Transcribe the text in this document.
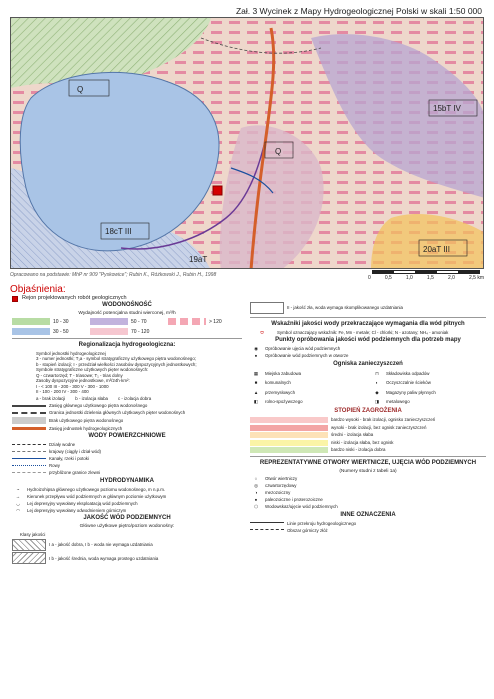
Zał. 3 Wycinek z Mapy Hydrogeologicznej Polski w skali 1:50 000
Q
Q
15bT IV
18cT III
19aT
20aT III
Opracowano na podstawie: MhP nr 909 "Pyskowice"; Rubin K., Różkowski J., Rubin H., 1998	0	0,5	1,0	1,5	2,0	2,5 km
Objaśnienia:
Rejon projektowanych robót geologicznych
WODONOŚNOŚĆ
Wydajność potencjalna studni wierconej, m³/h
10 - 30	50 - 70	> 120
30 - 50	70 - 120
Regionalizacja hydrogeologiczna:
Symbol jednostki hydrogeologicznej
3 - numer jednostki; T₁a - symbol stratygraficzny użytkowego piętra wodonośnego;
b - stopień izolacji; I - przedział wielkości zasobów dyspozycyjnych jednostkowych;
Symbole stratygraficzne użytkowych pięter wodonośnych:
Q - czwartorzęd; T - triasowe; T₁ - trias dolny
Zasoby dyspozycyjne jednostkowe, m³/24h·km²:
I - < 100 III - 200 - 300 V - 300 - 1000
II - 100 - 200 IV - 300 - 400
a - brak izolacji b - izolacja słaba c - izolacja dobra
Zasięg głównego użytkowego piętra wodonośnego
Granica jednostki dzielenia głównych użytkowych pięter wodonośnych
Brak użytkowego piętra wodonośnego
Zasięg jednostek hydrogeologicznych
WODY POWIERZCHNIOWE
Działy wodne
krajowy (ciągły i dział wód)
Kanały, rzeki i potoki
Rowy
przybliżone granice zlewni
HYDRODYNAMIKA
~	Hydroizohipsa głównego użytkowego poziomu wodonośnego, m n.p.m.
→	Kierunek przepływu wód podziemnych w głównym poziomie użytkowym
◡	Lej depresyjny wywołany eksploatacją wód podziemnych
◠	Lej depresyjny wywołany odwodnieniem górniczym
JAKOŚĆ WÓD PODZIEMNYCH
Główne użytkowe piętro/poziom wodonośny:
Klasy jakości
I a - jakość dobra, I b - woda nie wymaga uzdatniania
I b - jakość średnia, woda wymaga prostego uzdatniania
II - jakość zła, woda wymaga skomplikowanego uzdatniania
Wskaźniki jakości wody przekraczające wymagania dla wód pitnych
⬭	Symbol oznaczający wskaźnik: Fe, Mn - metale; Cl - chlorki; N - azotany; NH₄ - amoniak
Punkty opróbowania jakości wód podziemnych dla potrzeb mapy
◉	Opróbowanie ujęcia wód podziemnych
●	Opróbowanie wód podziemnych w otworze
Ogniska zanieczyszczeń
▦	Miejska zabudowa	⊓	Składowiska odpadów
■	komunalnych	◐	Oczyszczalnie ścieków
▲	przemysłowych	◆	Magazyny paliw płynnych
◧	rolno-spożywczego	◨	metalowego
STOPIEŃ ZAGROŻENIA
bardzo wysoki - brak izolacji, ognisko zanieczyszczeń
wysoki - brak izolacji, bez ognisk zanieczyszczeń
średni - izolacja słaba
niski - izolacja słaba, bez ognisk
bardzo niski - izolacja dobra
REPREZENTATYWNE OTWORY WIERTNICZE, UJĘCIA WÓD PODZIEMNYCH
(Numery studni z tabeli 1a)
○	Otwór wiertniczy
◎	czwartorzędowy
◑	mezozoiczny
●	paleozoiczne i proterozoiczne
⬡	Wodowskaz/ujęcie wód podziemnych
INNE OZNACZENIA
Linie przekroju hydrogeologicznego
Obszar górniczy złóż
